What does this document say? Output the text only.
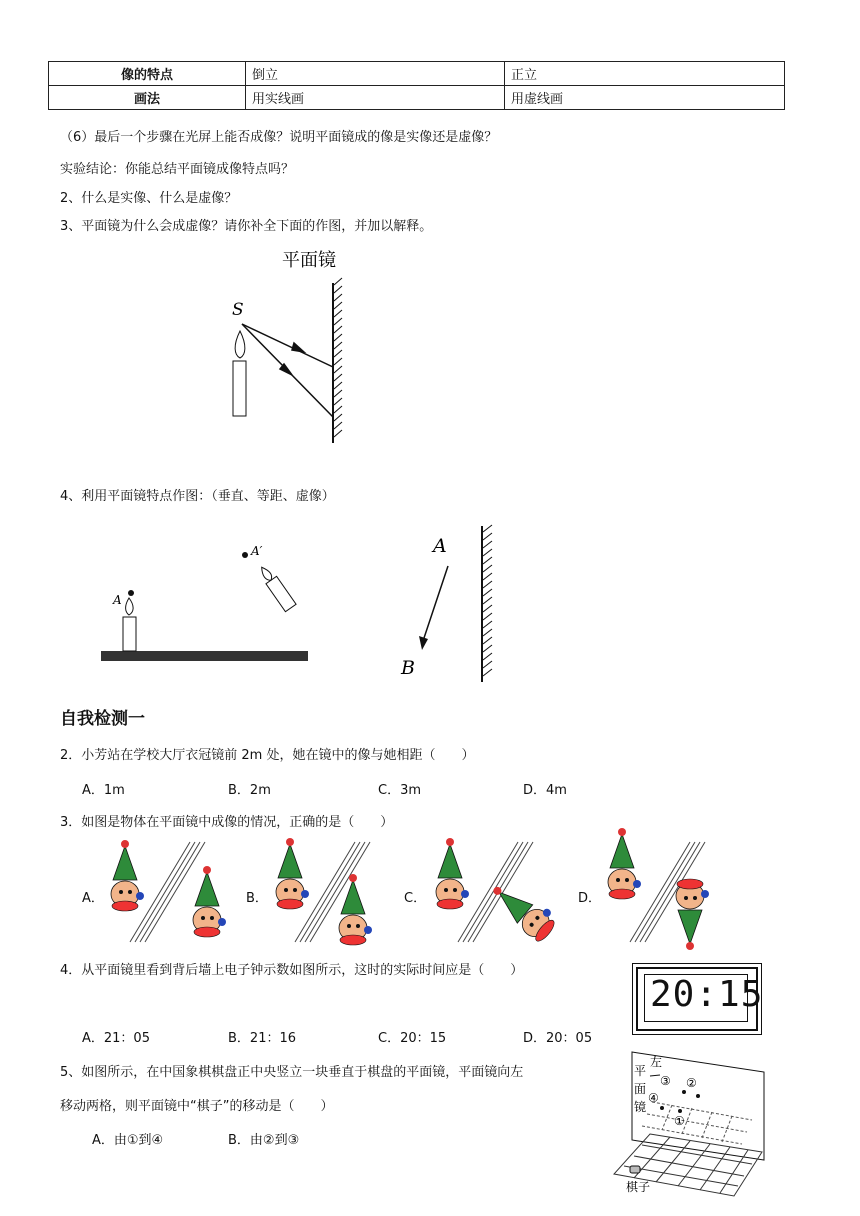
像的特点	倒立	正立
画法	用实线画	用虚线画
（6）最后一个步骤在光屏上能否成像？说明平面镜成的像是实像还是虚像？
实验结论：你能总结平面镜成像特点吗？
2、什么是实像、什么是虚像？
3、平面镜为什么会成虚像？请你补全下面的作图，并加以解释。
平面镜
S
4、利用平面镜特点作图：（垂直、等距、虚像）
A
A′	A
B
自我检测一
2．小芳站在学校大厅衣冠镜前 2m 处，她在镜中的像与她相距（　　）
A．1m	B．2m	C．3m	D．4m
3．如图是物体在平面镜中成像的情况，正确的是（　　）
A．	B．	C．	D．
4．从平面镜里看到背后墙上电子钟示数如图所示，这时的实际时间应是（　　）
A．21：05	B．21：16	C．20：15	D．20：05
20:15
5、如图所示，在中国象棋棋盘正中央竖立一块垂直于棋盘的平面镜，平面镜向左
移动两格，则平面镜中“棋子”的移动是（　　）
A．由①到④	B．由②到③
左
平
面
镜
③ ②
④
①
棋子
